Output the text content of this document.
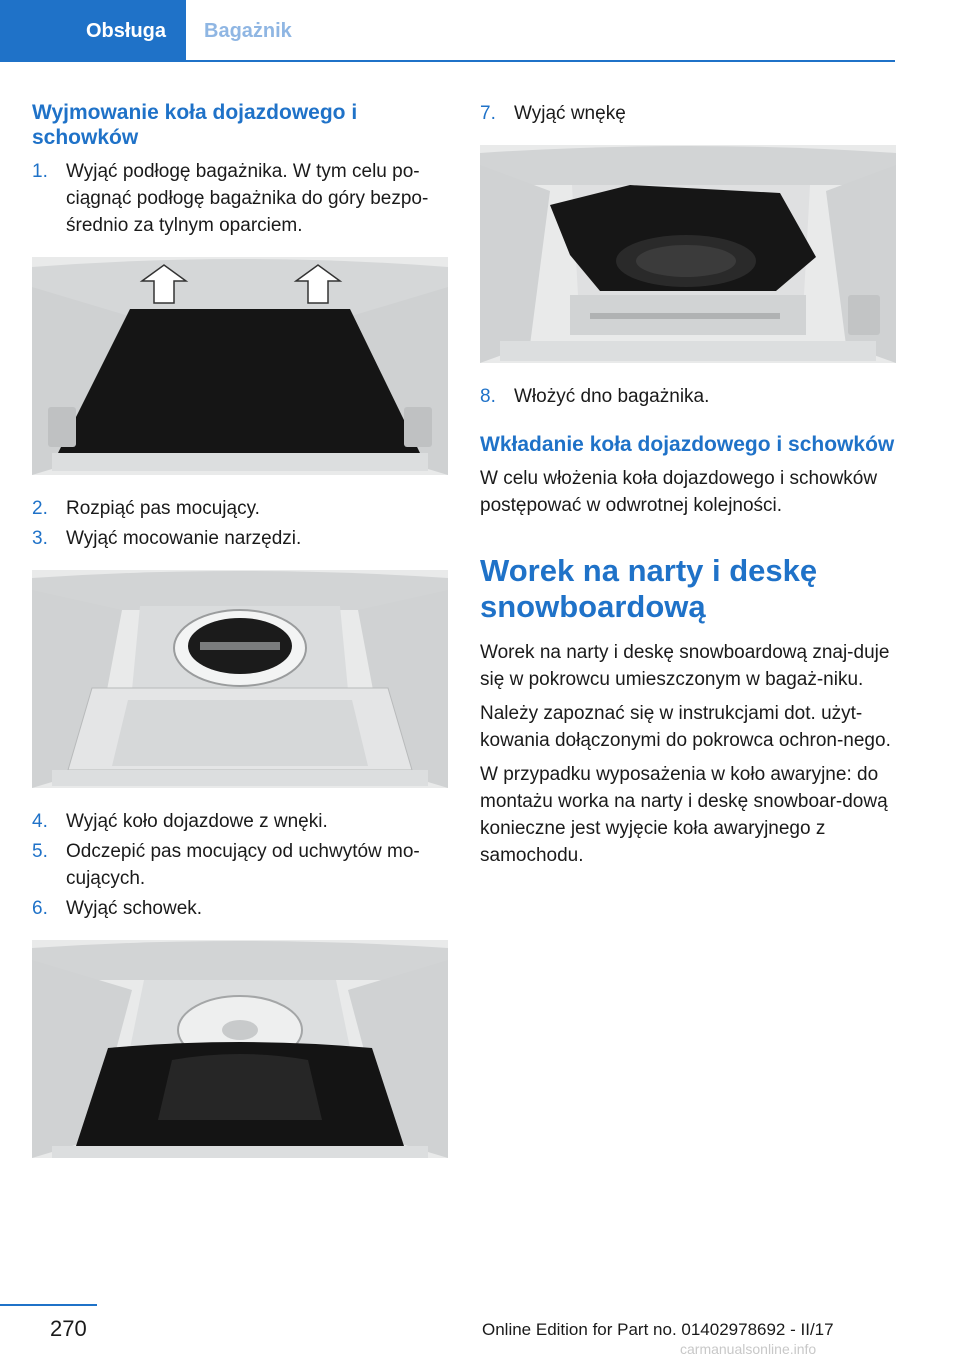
Obsługa	Bagażnik
Wyjmowanie koła dojazdowego i schowków
1. Wyjąć podłogę bagażnika. W tym celu po-ciągnąć podłogę bagażnika do góry bezpo-średnio za tylnym oparciem.
2. Rozpiąć pas mocujący.
3. Wyjąć mocowanie narzędzi.
4. Wyjąć koło dojazdowe z wnęki.
5. Odczepić pas mocujący od uchwytów mo-cujących.
6. Wyjąć schowek.
7. Wyjąć wnękę
8. Włożyć dno bagażnika.
Wkładanie koła dojazdowego i schowków

W celu włożenia koła dojazdowego i schowków postępować w odwrotnej kolejności.

Worek na narty i deskę snowboardową

Worek na narty i deskę snowboardową znaj-duje się w pokrowcu umieszczonym w bagaż-niku.

Należy zapoznać się w instrukcjami dot. użyt-kowania dołączonymi do pokrowca ochron-nego.

W przypadku wyposażenia w koło awaryjne: do montażu worka na narty i deskę snowboar-dową konieczne jest wyjęcie koła awaryjnego z samochodu.

270	Online Edition for Part no. 01402978692 - II/17
carmanualsonline.info
